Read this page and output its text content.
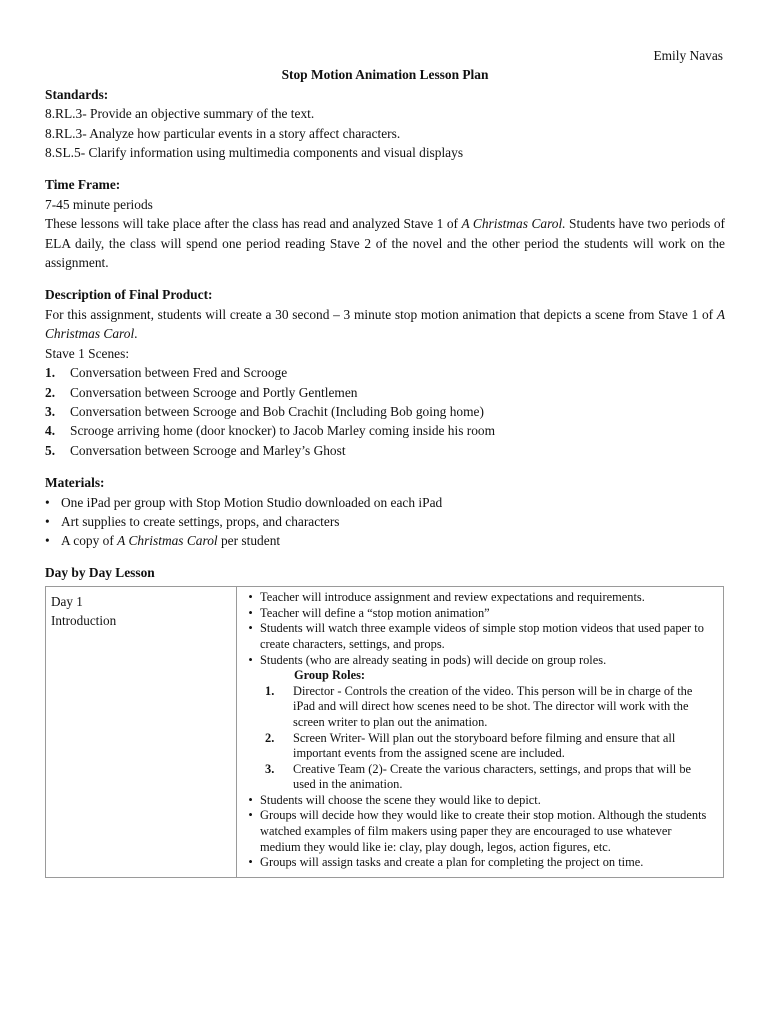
Emily Navas
Stop Motion Animation Lesson Plan
Standards:

8.RL.3- Provide an objective summary of the text.

8.RL.3- Analyze how particular events in a story affect characters.

8.SL.5- Clarify information using multimedia components and visual displays

Time Frame:

7-45 minute periods

These lessons will take place after the class has read and analyzed Stave 1 of A Christmas Carol. Students have two periods of ELA daily, the class will spend one period reading Stave 2 of the novel and the other period the students will work on the assignment.

Description of Final Product:

For this assignment, students will create a 30 second – 3 minute stop motion animation that depicts a scene from Stave 1 of A Christmas Carol.

Stave 1 Scenes:

1.	Conversation between Fred and Scrooge
2.	Conversation between Scrooge and Portly Gentlemen
3.	Conversation between Scrooge and Bob Crachit (Including Bob going home)
4.	Scrooge arriving home (door knocker) to Jacob Marley coming inside his room
5.	Conversation between Scrooge and Marley’s Ghost
Materials:
• One iPad per group with Stop Motion Studio downloaded on each iPad
• Art supplies to create settings, props, and characters
• A copy of A Christmas Carol per student
Day by Day Lesson
Day 1
Introduction

• Teacher will introduce assignment and review expectations and requirements.
• Teacher will define a “stop motion animation”
• Students will watch three example videos of simple stop motion videos that used paper to create characters, settings, and props.
• Students (who are already seating in pods) will decide on group roles.
Group Roles:
1.	Director - Controls the creation of the video. This person will be in charge of the iPad and will direct how scenes need to be shot. The director will work with the screen writer to plan out the animation.
2.	Screen Writer- Will plan out the storyboard before filming and ensure that all important events from the assigned scene are included.
3.	Creative Team (2)- Create the various characters, settings, and props that will be used in the animation.
• Students will choose the scene they would like to depict.
• Groups will decide how they would like to create their stop motion. Although the students watched examples of film makers using paper they are encouraged to use whatever medium they would like ie: clay, play dough, legos, action figures, etc.
• Groups will assign tasks and create a plan for completing the project on time.
